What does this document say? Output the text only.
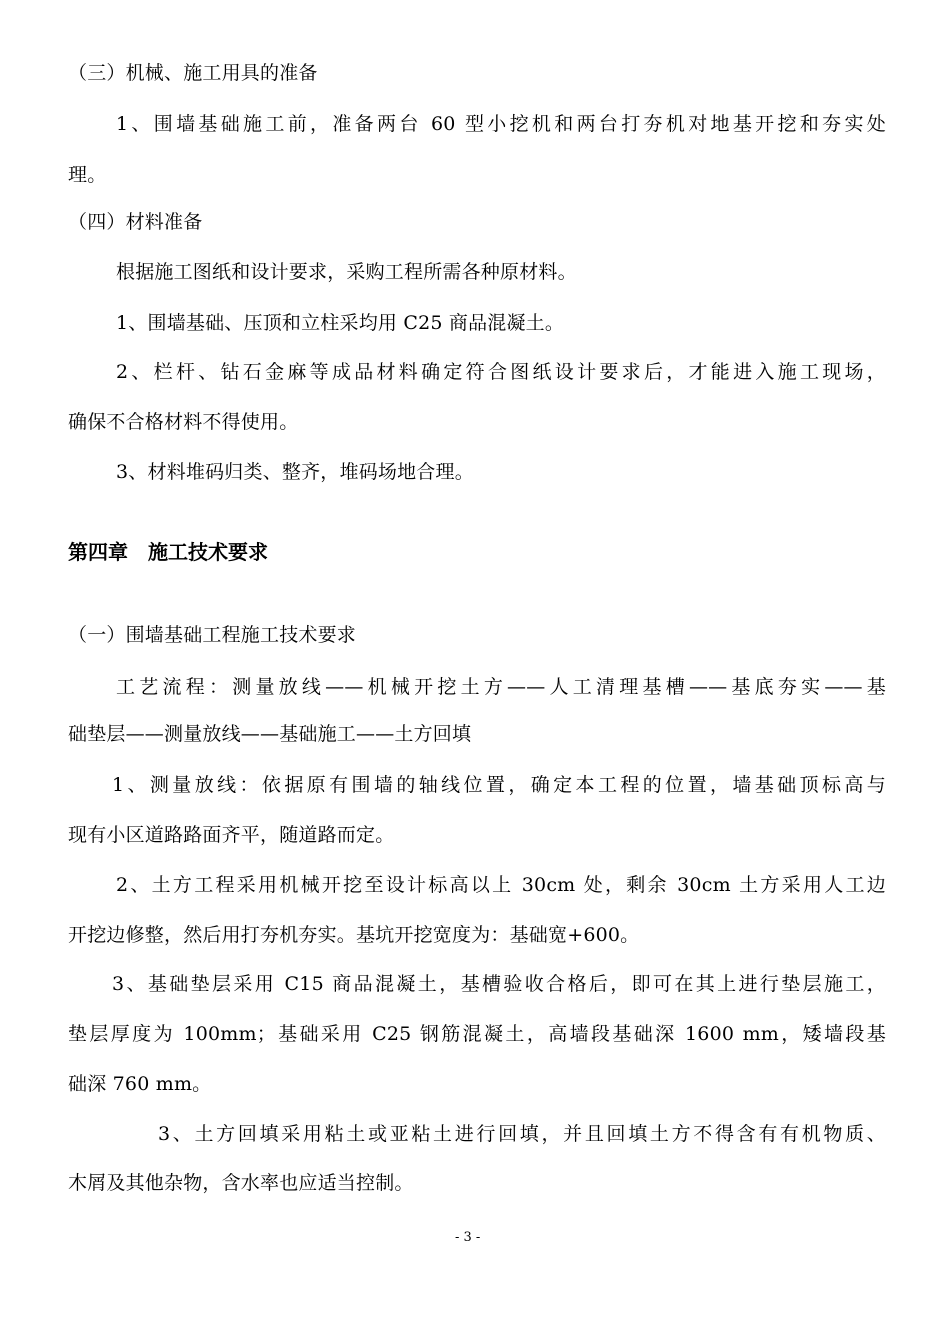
（三）机械、施工用具的准备
1、围墙基础施工前，准备两台 60 型小挖机和两台打夯机对地基开挖和夯实处
理。
（四）材料准备
根据施工图纸和设计要求，采购工程所需各种原材料。
1、围墙基础、压顶和立柱采均用 C25 商品混凝土。
2、栏杆、钻石金麻等成品材料确定符合图纸设计要求后，才能进入施工现场，
确保不合格材料不得使用。
3、材料堆码归类、整齐，堆码场地合理。
第四章　施工技术要求
（一）围墙基础工程施工技术要求
工艺流程：测量放线——机械开挖土方——人工清理基槽——基底夯实——基
础垫层——测量放线——基础施工——土方回填
1、测量放线：依据原有围墙的轴线位置，确定本工程的位置，墙基础顶标高与
现有小区道路路面齐平，随道路而定。
2、土方工程采用机械开挖至设计标高以上 30cm 处，剩余 30cm 土方采用人工边
开挖边修整，然后用打夯机夯实。基坑开挖宽度为：基础宽+600。
3、基础垫层采用 C15 商品混凝土，基槽验收合格后，即可在其上进行垫层施工，
垫层厚度为 100mm；基础采用 C25 钢筋混凝土，高墙段基础深 1600 mm，矮墙段基
础深 760 mm。
3、土方回填采用粘土或亚粘土进行回填，并且回填土方不得含有有机物质、
木屑及其他杂物，含水率也应适当控制。
- 3 -
